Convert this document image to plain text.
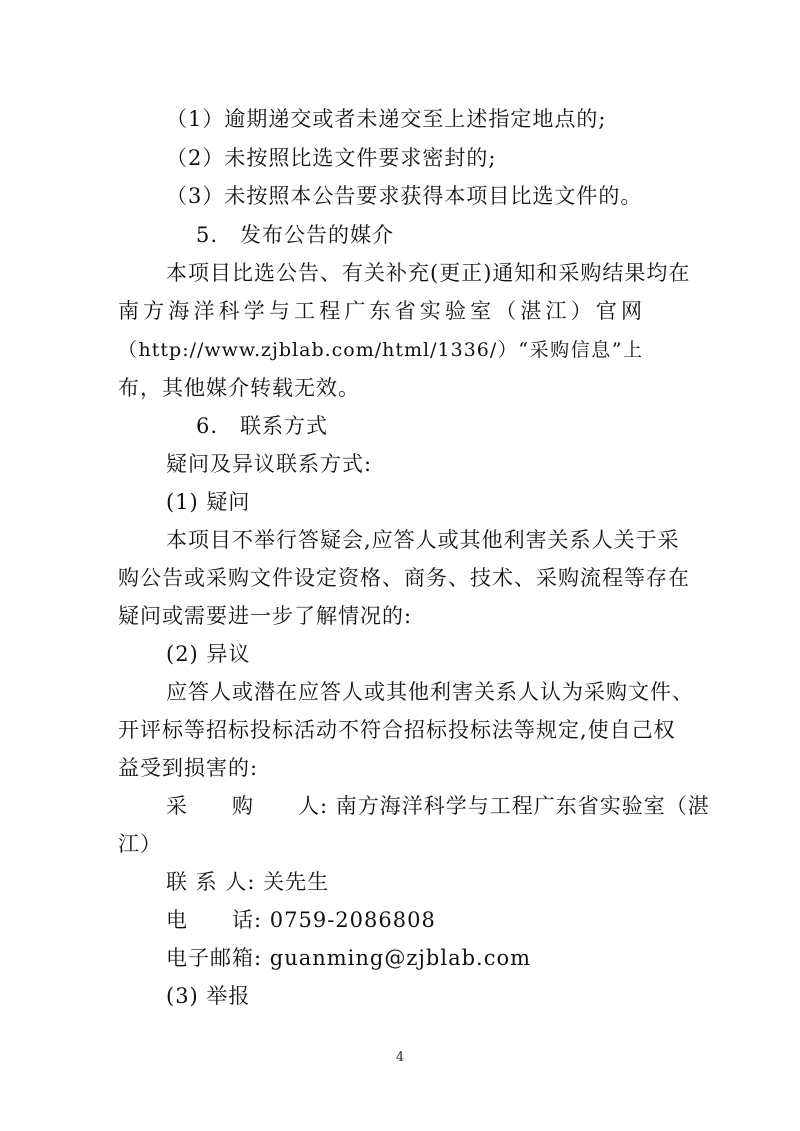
（1）逾期递交或者未递交至上述指定地点的;
（2）未按照比选文件要求密封的;
（3）未按照本公告要求获得本项目比选文件的。
5.　发布公告的媒介
本项目比选公告、有关补充(更正)通知和采购结果均在
南方海洋科学与工程广东省实验室（湛江）官网
（http://www.zjblab.com/html/1336/）“采购信息”上
布，其他媒介转载无效。
6.　联系方式
疑问及异议联系方式:
(1) 疑问
本项目不举行答疑会,应答人或其他利害关系人关于采
购公告或采购文件设定资格、商务、技术、采购流程等存在
疑问或需要进一步了解情况的:
(2) 异议
应答人或潜在应答人或其他利害关系人认为采购文件、
开评标等招标投标活动不符合招标投标法等规定,使自己权
益受到损害的:
采　　购　　人: 南方海洋科学与工程广东省实验室（湛
江）
联 系 人: 关先生
电　　话: 0759-2086808
电子邮箱: guanming@zjblab.com
(3) 举报
4
